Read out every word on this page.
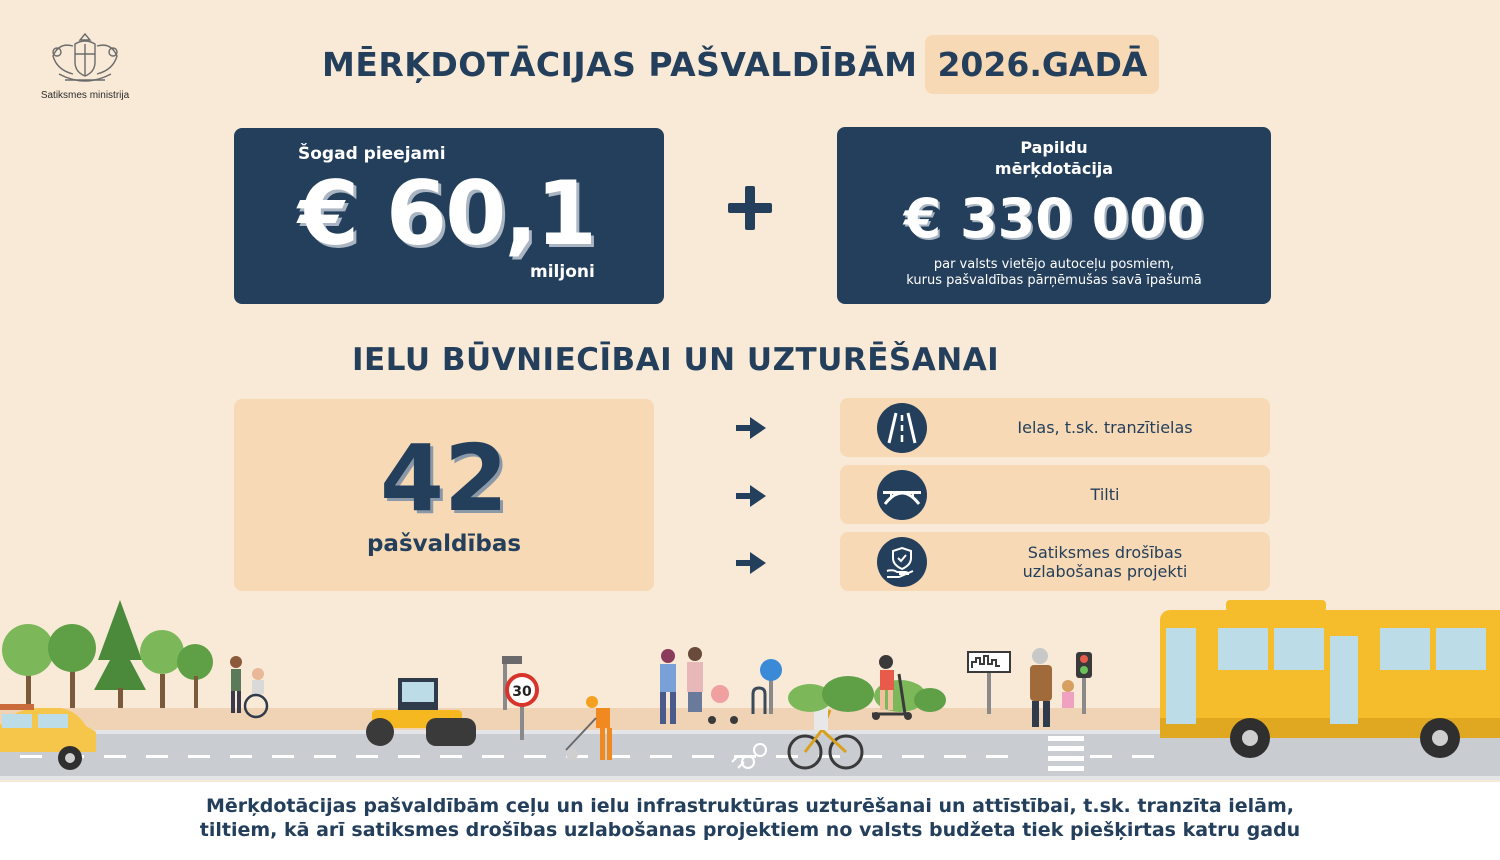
Satiksmes ministrija
MĒRĶDOTĀCIJAS PAŠVALDĪBĀM 2026.GADĀ
Šogad pieejami
€ 60,1
miljoni
Papildu
mērķdotācija
€ 330 000
par valsts vietējo autoceļu posmiem,
kurus pašvaldības pārņēmušas savā īpašumā
IELU BŪVNIECĪBAI UN UZTURĒŠANAI
42
pašvaldības
Ielas, t.sk. tranzītielas
Tilti
Satiksmes drošības
uzlabošanas projekti
30
Mērķdotācijas pašvaldībām ceļu un ielu infrastruktūras uzturēšanai un attīstībai, t.sk. tranzīta ielām,
tiltiem, kā arī satiksmes drošības uzlabošanas projektiem no valsts budžeta tiek piešķirtas katru gadu
